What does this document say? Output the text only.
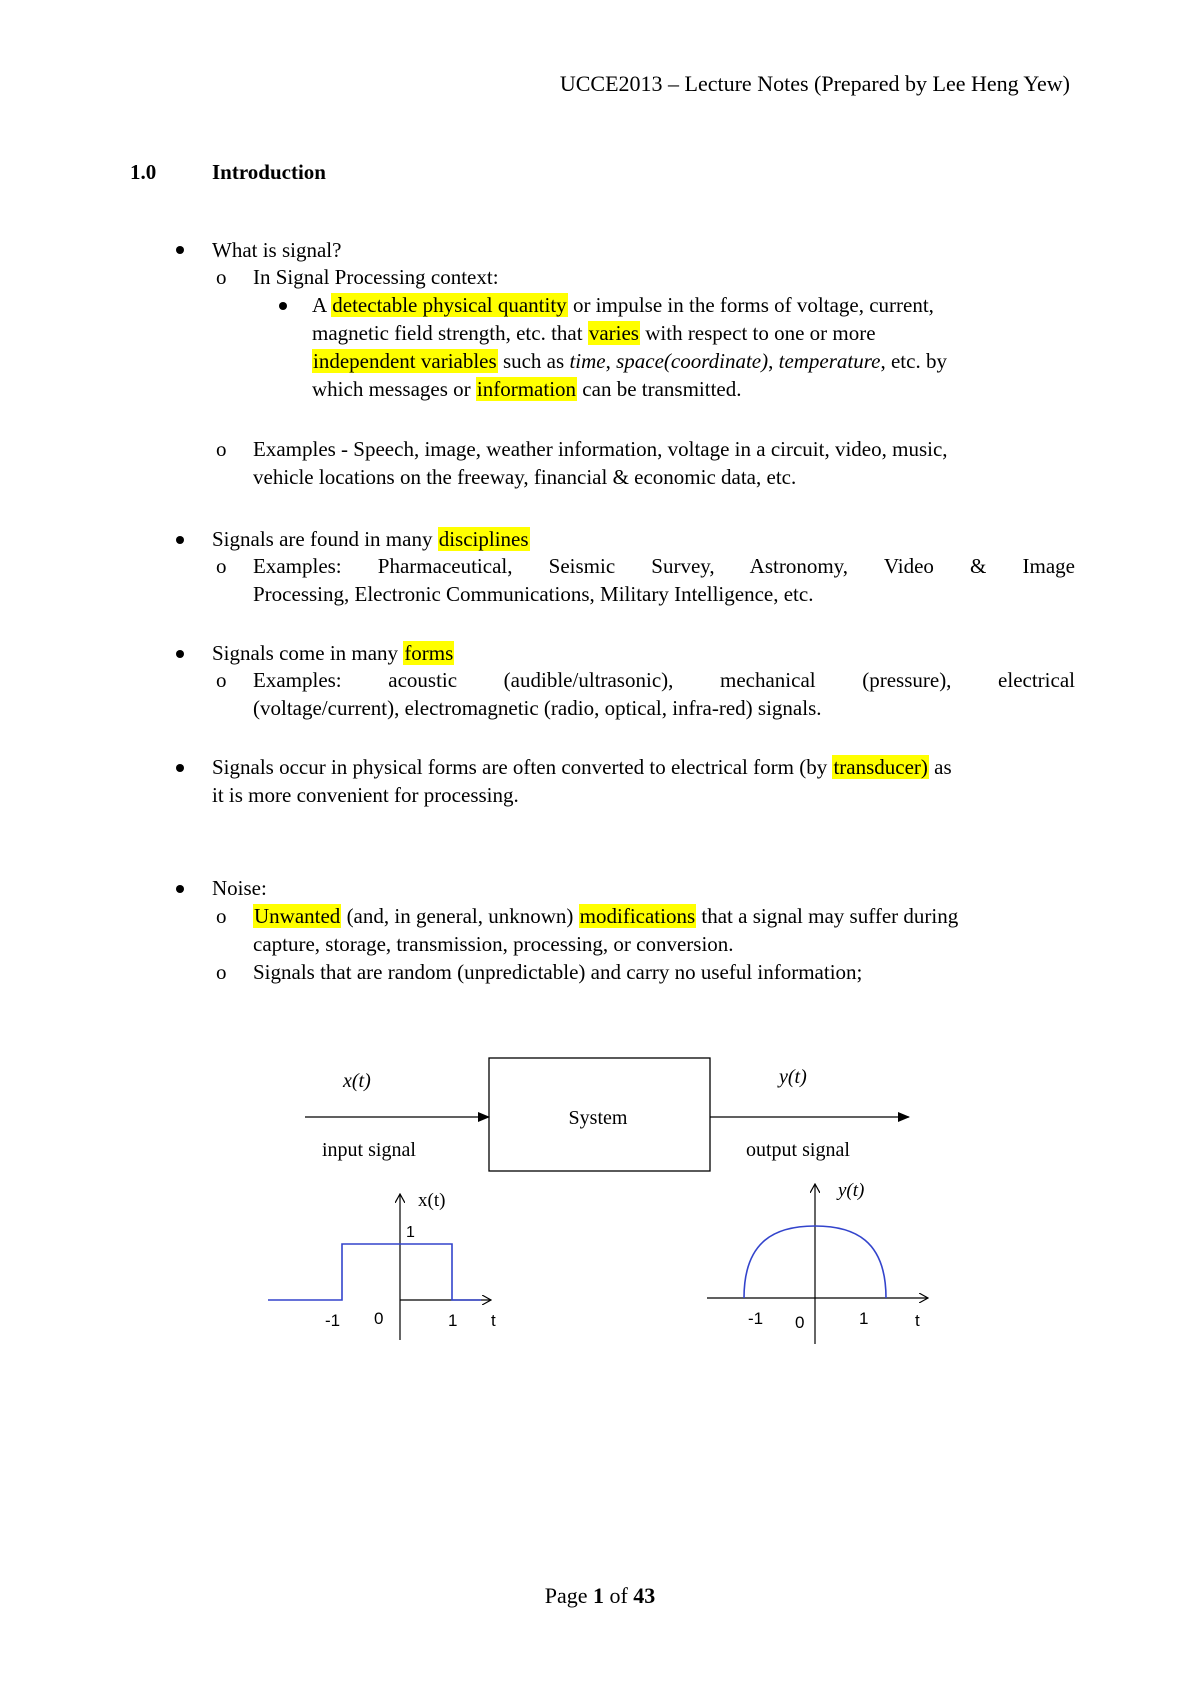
UCCE2013 – Lecture Notes (Prepared by Lee Heng Yew)
1.0	Introduction
What is signal?
o In Signal Processing context:
A detectable physical quantity or impulse in the forms of voltage, current,
magnetic field strength, etc. that varies with respect to one or more
independent variables such as time, space(coordinate), temperature, etc. by
which messages or information can be transmitted.
o Examples - Speech, image, weather information, voltage in a circuit, video, music,
vehicle locations on the freeway, financial & economic data, etc.
Signals are found in many disciplines
o Examples: Pharmaceutical, Seismic Survey, Astronomy, Video & Image
Processing, Electronic Communications, Military Intelligence, etc.
Signals come in many forms
o Examples: acoustic (audible/ultrasonic), mechanical (pressure), electrical
(voltage/current), electromagnetic (radio, optical, infra-red) signals.
Signals occur in physical forms are often converted to electrical form (by transducer) as
it is more convenient for processing.
Noise:
o Unwanted (and, in general, unknown) modifications that a signal may suffer during
capture, storage, transmission, processing, or conversion.
o Signals that are random (unpredictable) and carry no useful information;
x(t)
input signal
System
y(t)
output signal
x(t)
1
-1 0	1 t
y(t)
-1 0	1	t
Page 1 of 43
